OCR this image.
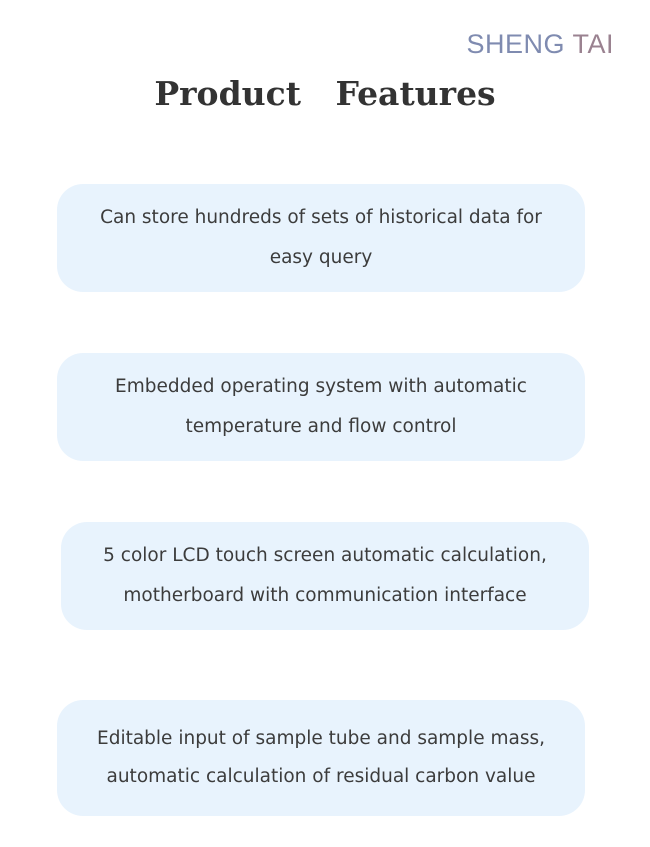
SHENG TAI
Product   Features

Can store hundreds of sets of historical data for
easy query

Embedded operating system with automatic
temperature and flow control

5 color LCD touch screen automatic calculation,
motherboard with communication interface

Editable input of sample tube and sample mass,
automatic calculation of residual carbon value
